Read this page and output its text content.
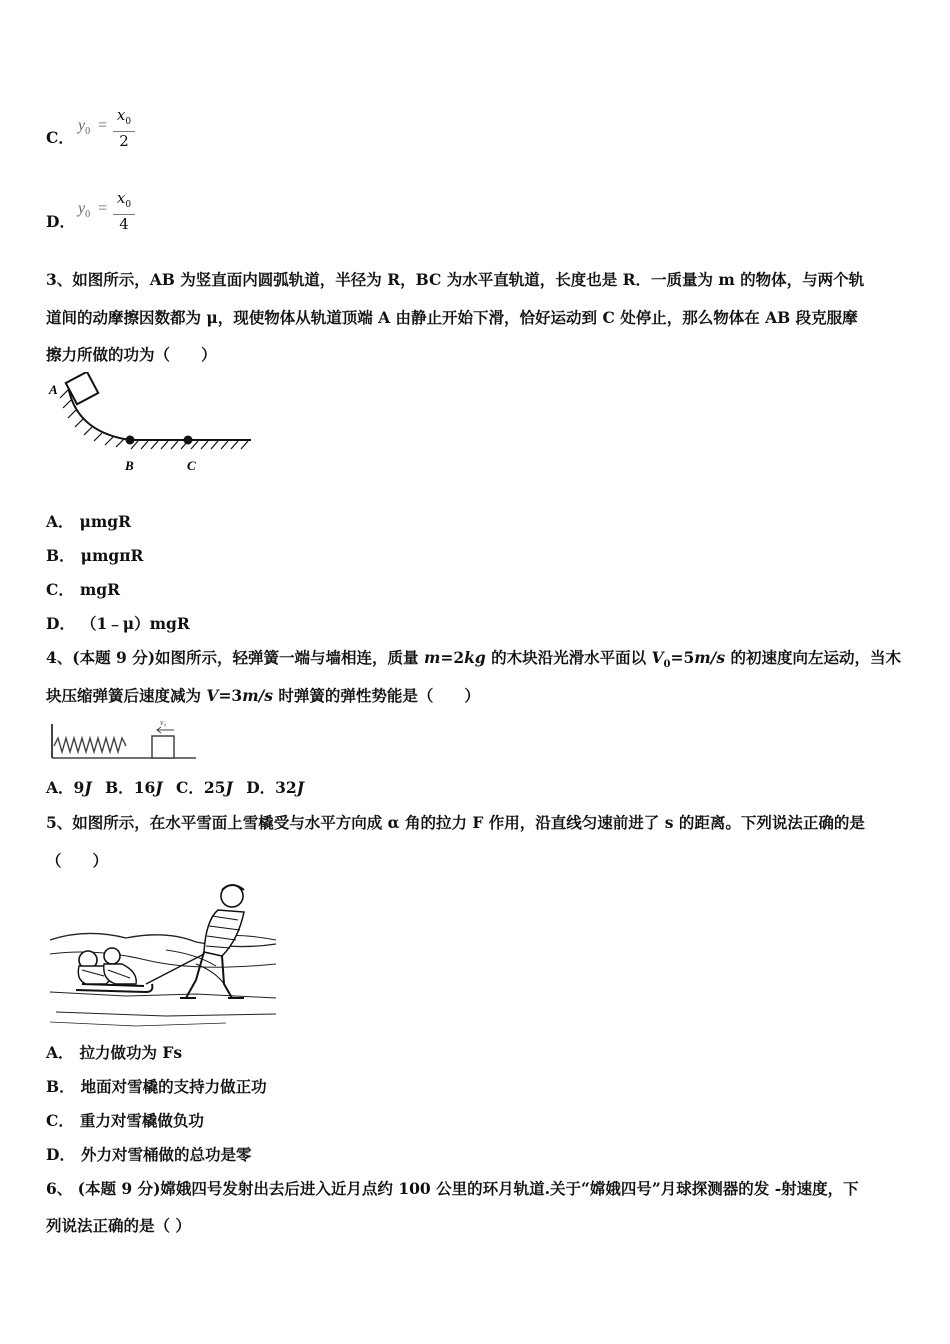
C．
$y_0 = \frac{x_0}{2}$
D．
$y_0 = \frac{x_0}{4}$
3、如图所示，AB 为竖直面内圆弧轨道，半径为 R，BC 为水平直轨道，长度也是 R．一质量为 m 的物体，与两个轨
道间的动摩擦因数都为 μ，现使物体从轨道顶端 A 由静止开始下滑，恰好运动到 C 处停止，那么物体在 AB 段克服摩
擦力所做的功为（　　）
A
B	C
A． μmgR
B． μmgπR
C． mgR
D． （1﹣μ）mgR
4、(本题 9 分)如图所示，轻弹簧一端与墙相连，质量 m=2kg 的木块沿光滑水平面以 $V_0=5m/s$ 的初速度向左运动，当木
块压缩弹簧后速度减为 V=3m/s 时弹簧的弹性势能是（　　）
v₀
A．9J B．16J C．25J D．32J
5、如图所示，在水平雪面上雪橇受与水平方向成 α 角的拉力 F 作用，沿直线匀速前进了 s 的距离。下列说法正确的是
（　　）
A． 拉力做功为 Fs
B． 地面对雪橇的支持力做正功
C． 重力对雪橇做负功
D． 外力对雪桶做的总功是零
6、 (本题 9 分)嫦娥四号发射出去后进入近月点约 100 公里的环月轨道.关于“嫦娥四号”月球探测器的发 -射速度，下
列说法正确的是（ ）
